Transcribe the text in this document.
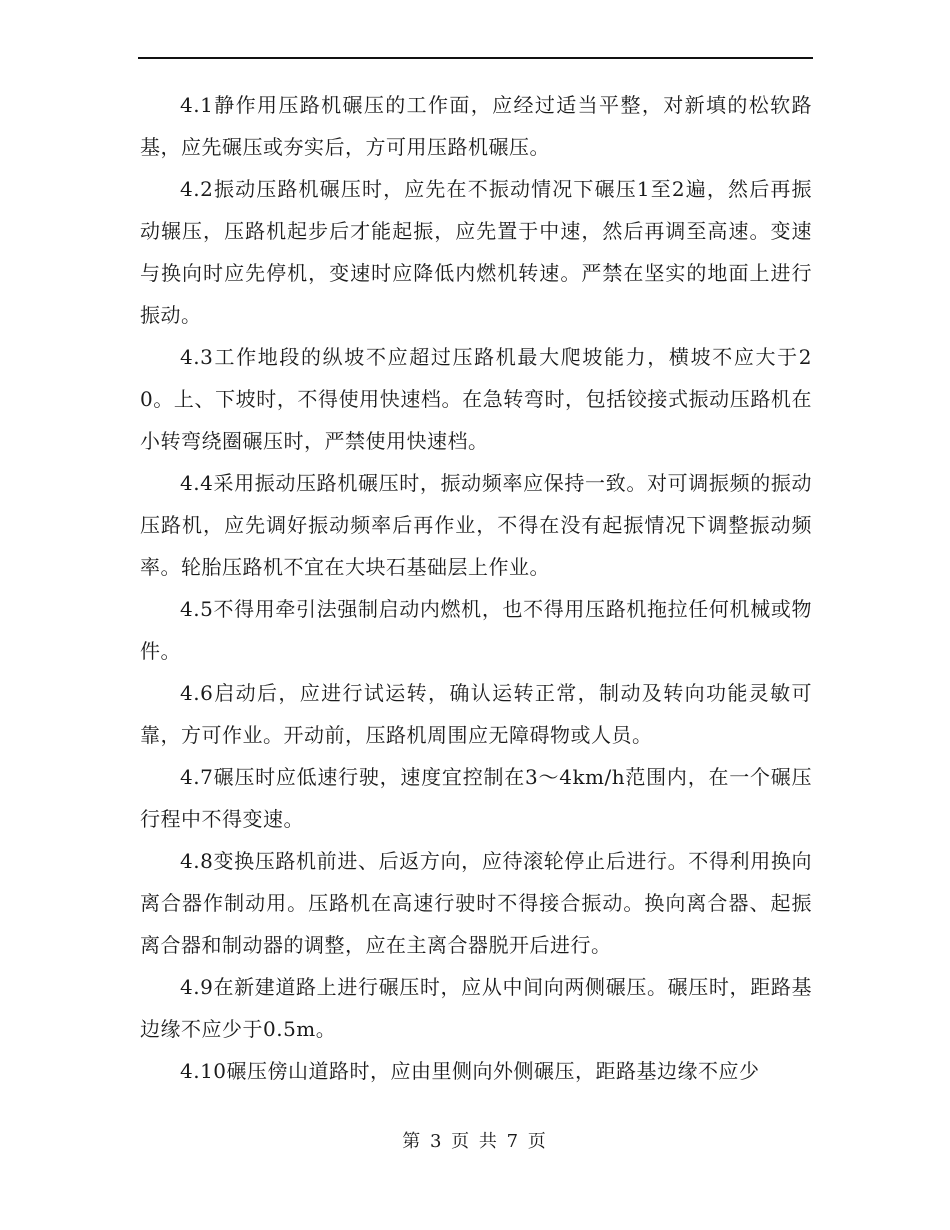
4.1静作用压路机碾压的工作面，应经过适当平整，对新填的松软路基，应先碾压或夯实后，方可用压路机碾压。

4.2振动压路机碾压时，应先在不振动情况下碾压1至2遍，然后再振动辗压，压路机起步后才能起振，应先置于中速，然后再调至高速。变速与换向时应先停机，变速时应降低内燃机转速。严禁在坚实的地面上进行振动。

4.3工作地段的纵坡不应超过压路机最大爬坡能力，横坡不应大于20。上、下坡时，不得使用快速档。在急转弯时，包括铰接式振动压路机在小转弯绕圈碾压时，严禁使用快速档。

4.4采用振动压路机碾压时，振动频率应保持一致。对可调振频的振动压路机，应先调好振动频率后再作业，不得在没有起振情况下调整振动频率。轮胎压路机不宜在大块石基础层上作业。

4.5不得用牵引法强制启动内燃机，也不得用压路机拖拉任何机械或物件。

4.6启动后，应进行试运转，确认运转正常，制动及转向功能灵敏可靠，方可作业。开动前，压路机周围应无障碍物或人员。

4.7碾压时应低速行驶，速度宜控制在3～4km/h范围内，在一个碾压行程中不得变速。

4.8变换压路机前进、后返方向，应待滚轮停止后进行。不得利用换向离合器作制动用。压路机在高速行驶时不得接合振动。换向离合器、起振离合器和制动器的调整，应在主离合器脱开后进行。

4.9在新建道路上进行碾压时，应从中间向两侧碾压。碾压时，距路基边缘不应少于0.5m。

4.10碾压傍山道路时，应由里侧向外侧碾压，距路基边缘不应少

第 3 页 共 7 页
